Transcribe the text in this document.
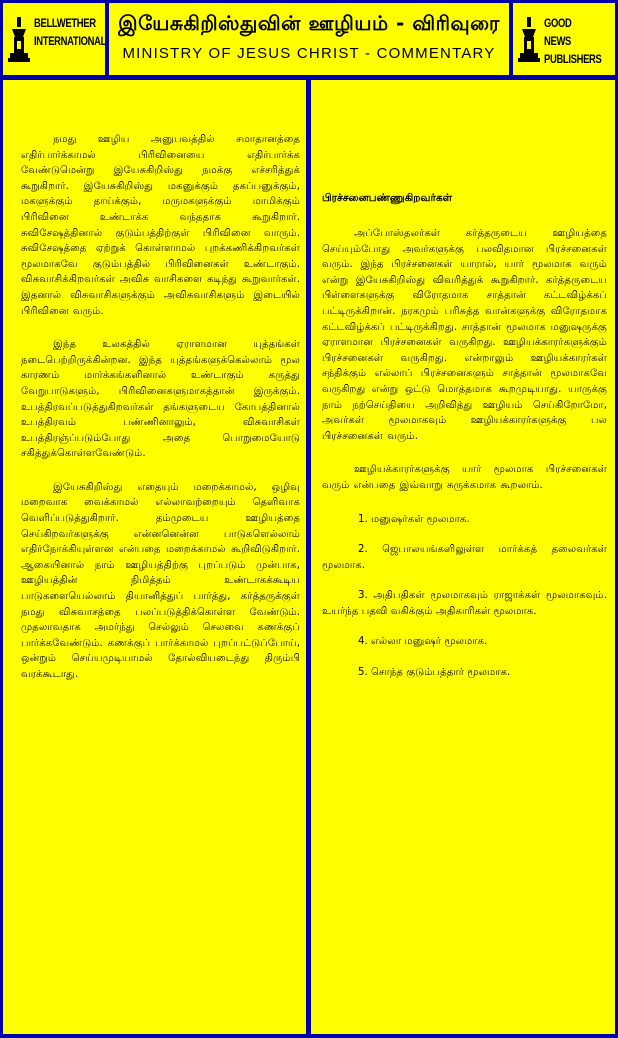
BELLWETHER
INTERNATIONAL
இயேசுகிறிஸ்துவின் ஊழியம் - விரிவுரை
MINISTRY OF JESUS CHRIST - COMMENTARY
GOOD NEWS
PUBLISHERS

நமது ஊழிய அனுபவத்தில் சமாதானத்தை எதிர்பார்க்காமல் பிரிவினையை எதிர்பார்க்க வேண்டுமென்று இயேசுகிறிஸ்து நமக்கு எச்சரித்துக் கூறுகிறார். இயேசுகிறிஸ்து மகனுக்கும் தகப்பனுக்கும், மகளுக்கும் தாய்க்கும், மருமகளுக்கும் மாமிக்கும் பிரிவினை உண்டாக்க வந்ததாக கூறுகிறார். சுவிசேஷத்தினால் குடும்பத்திற்குள் பிரிவினை வாரும். சுவிசேஷத்தை ஏற்றுக் கொள்ளாமல் புறக்கணிக்கிறவர்கள் மூலமாகவே குடும்பத்தில் பிரிவினைகள் உண்டாகும். விசுவாசிக்கிறவர்கள் அவிசு வாசிகளை கடிந்து கூறுவார்கள். இதனால் விசுவாசிகளுக்கும் அவிசுவாசிகளும் இடையில் பிரிவினை வரும்.

இந்த உலகத்தில் ஏராளமான யுத்தங்கள் நடைபெற்றிருக்கின்றன. இந்த யுத்தங்களுக்கெல்லாம் மூல காரணம் மார்க்கங்களினால் உண்டாகும் கருத்து வேறுபாடுகளும், பிரிவினைகளுமாகத்தான் இருக்கும். உபத்திரவப்படுத்துகிறவர்கள் தங்களுடைய கோபத்தினால் உபத்திரவம் பண்ணினாலும், விசுவாசிகள் உபத்திரஞ்ப்படும்போது அதை பொறுமையோடு சகித்துக்கொள்ளவேண்டும்.

இயேசுகிறிஸ்து எதையும் மறைக்காமல், ஒழிவு மறைவாக வைக்காமல் எல்லாவற்றையும் தெளிவாக வெளிப்படுத்துகிறார். தம்முடைய ஊழியத்தை செய்கிறவர்களுக்கு என்னனென்ன பாடுகளெல்லாம் எதிர்நோக்கியுள்ளன என்பதை மறைக்காமல் கூறிவிடுகிறார். ஆகையினால் நாம் ஊழியத்திற்கு புறப்படும் முன்பாக, ஊழியத்தின் நிமித்தம் உண்டாகக்கூடிய பாடுகளையெல்லாம் தியானித்துப் பார்த்து, கர்த்தருக்குள் நமது விசுவாசத்தை பலப்படுத்திக்கொள்ள வேண்டும். முதலாவதாக அமர்ந்து செல்லும் செலவை கணக்குப் பார்க்கவேண்டும். கணக்குப் பார்க்காமல் புறப்பட்டுப்போய், ஒன்றும் செய்யமுடியாமல் தோல்வியடைந்து திரும்பி வரக்கூடாது.

பிரச்சனைபண்ணுகிறவர்கள்

அப்போஸ்தலர்கள் கர்த்தருடைய ஊழியத்தை செய்யும்போது அவர்களுக்கு பலவிதமான பிரச்சனைகள் வரும். இந்த பிரச்சனைகள் யாரால், யார் மூலமாக வரும் என்று இயேசுகிறிஸ்து விவரித்துக் கூறுகிறார். கர்த்தருடைய பிள்ளைகளுக்கு விரோதமாக சாத்தான் கட்டவிழ்க்கப் பட்டிருக்கிறான். நரகமும் பரிசுத்த வான்களுக்கு விரோதமாக கட்டவிழ்க்கப் பட்டிருக்கிறது. சாத்தான் மூலமாக மனுஷருக்கு ஏராளமான பிரச்சனைகள் வருகிறது. ஊழியக்காரர்களுக்கும் பிரச்சனைகள் வருகிறது. என்றாலும் ஊழியக்காரர்கள் சந்திக்கும் எல்லாப் பிரச்சனைகளும் சாத்தான் மூலமாகவே வருகிறது என்று ஒட்டு மொத்தமாக கூறமுடியாது. யாருக்கு நாம் நற்செய்தியை அறிவித்து ஊழியம் செய்கிறோமோ, அவர்கள் மூலமாகவும் ஊழியக்காரர்களுக்கு பல பிரச்சனைகள் வரும்.

ஊழியக்காரர்களுக்கு யார் மூலமாக பிரச்சனைகள் வரும் என்பதை இவ்வாறு சுருக்கமாக கூறலாம்.

1. மனுஷர்கள் மூலமாக.

2. ஜெபாலயங்களிலுள்ள மார்க்கத் தலைவர்கள் மூலமாக.

3. அதிபதிகள் மூலமாகவும் ராஜாக்கள் மூலமாகவும். உயர்ந்த பதவி வகிக்கும் அதிகாரிகள் மூலமாக.

4. எல்லா மனுஷர் மூலமாக.

5. சொந்த குடும்பத்தார் மூலமாக.
